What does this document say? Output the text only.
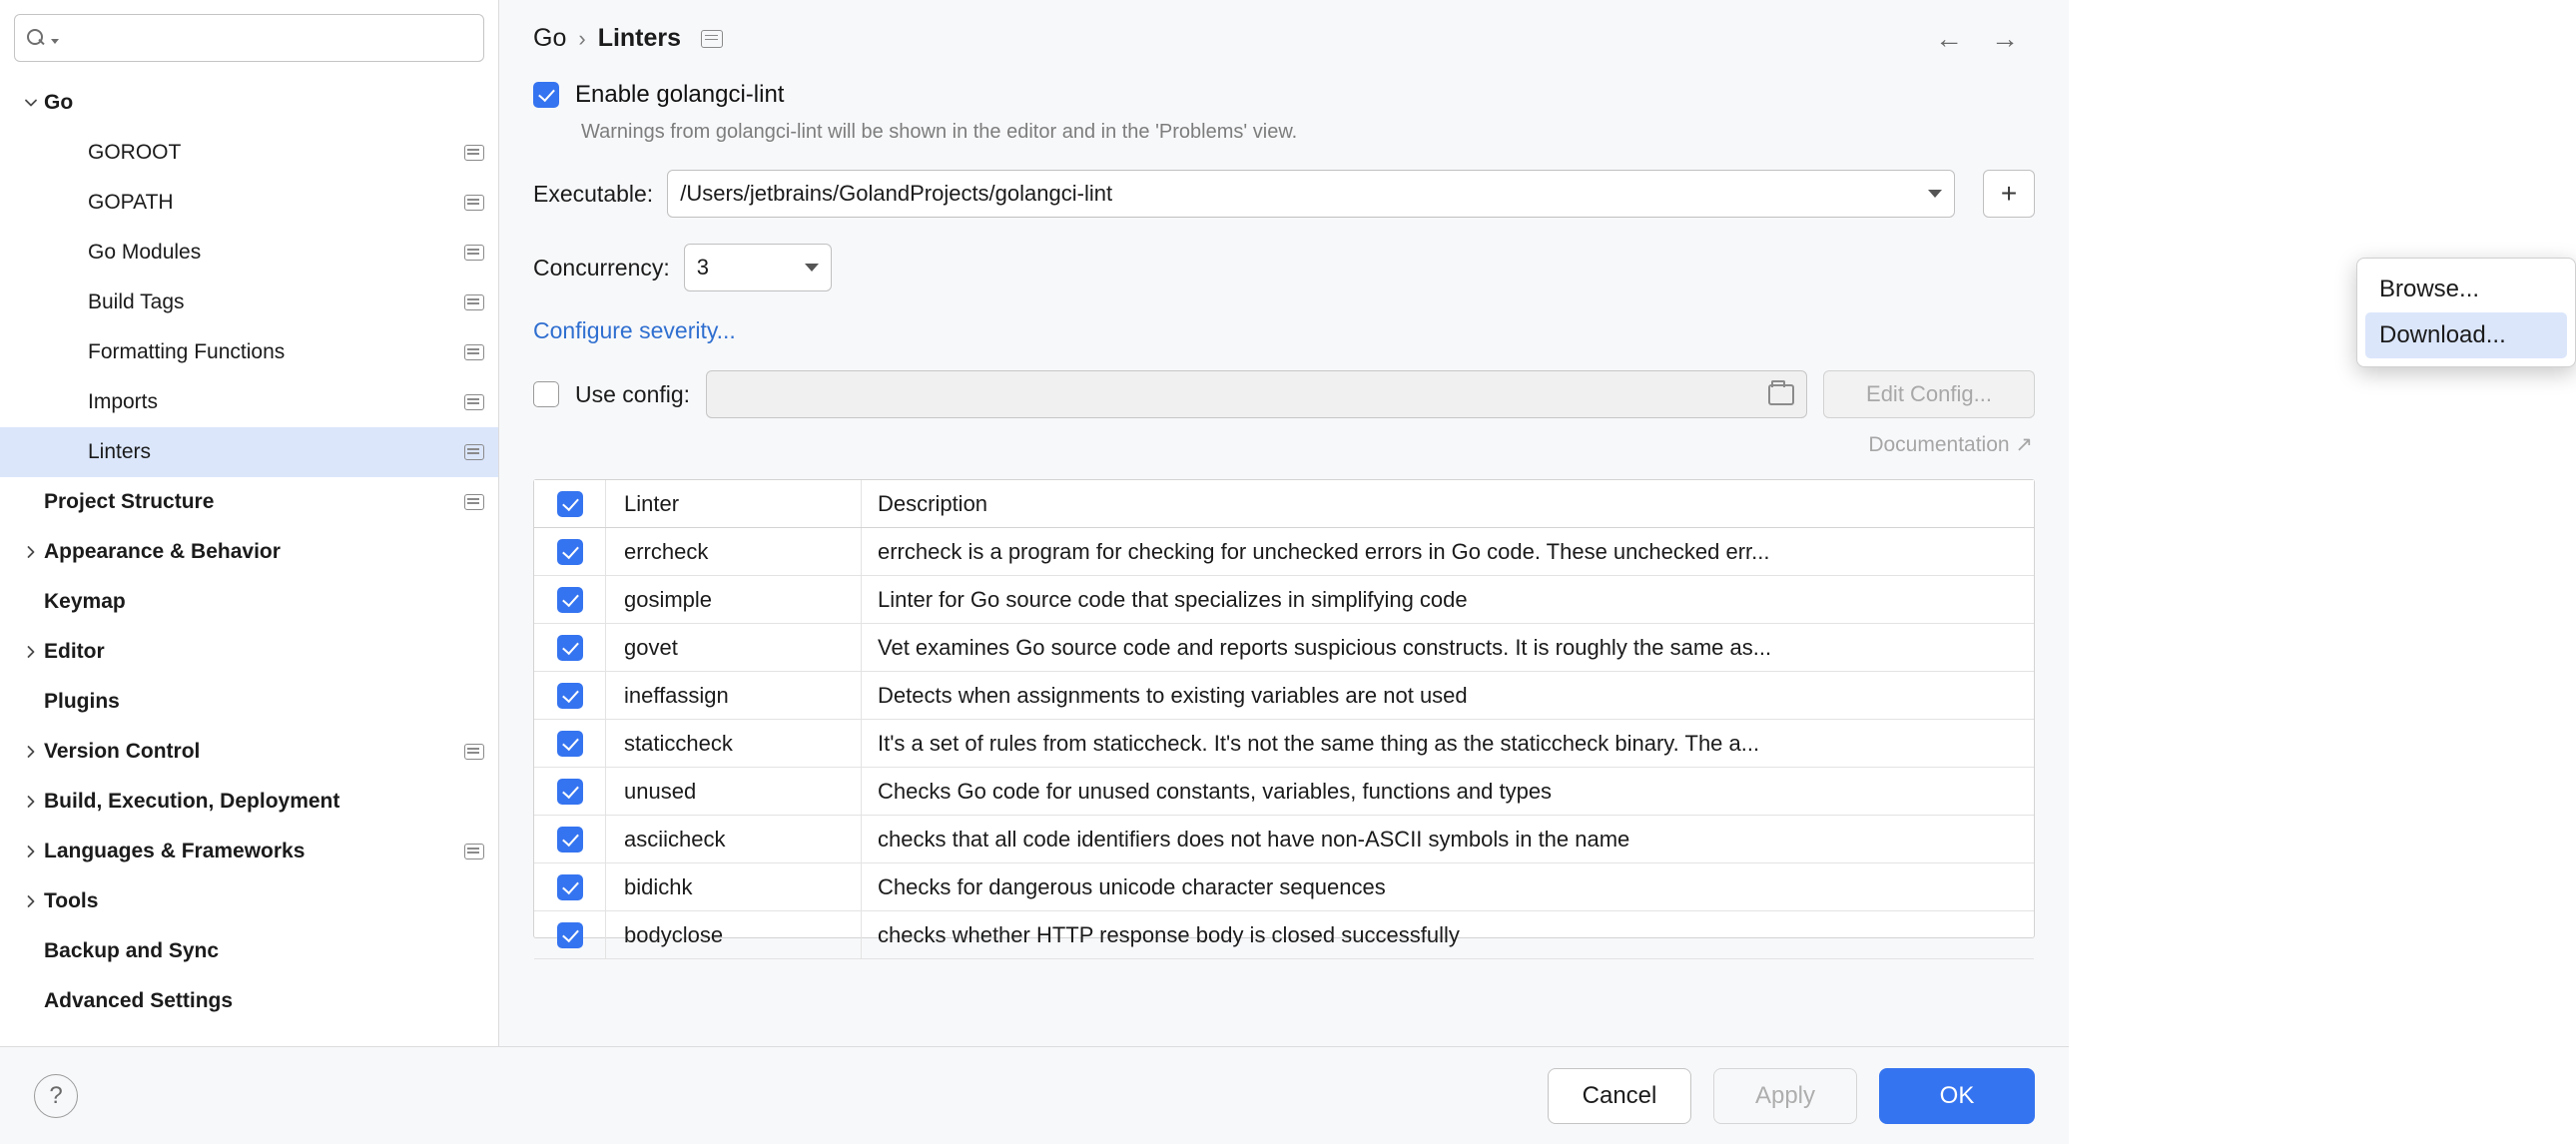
Go
GOROOT
GOPATH
Go Modules
Build Tags
Formatting Functions
Imports
Linters
Project Structure
Appearance & Behavior
Keymap
Editor
Plugins
Version Control
Build, Execution, Deployment
Languages & Frameworks
Tools
Backup and Sync
Advanced Settings
Go › Linters	← →
Enable golangci-lint
Warnings from golangci-lint will be shown in the editor and in the 'Problems' view.
Executable: /Users/jetbrains/GolandProjects/golangci-lint	+
Concurrency: 3
Configure severity...
Use config:	Edit Config...
Documentation ↗
Linter	Description
errcheck	errcheck is a program for checking for unchecked errors in Go code. These unchecked err...
gosimple	Linter for Go source code that specializes in simplifying code
govet	Vet examines Go source code and reports suspicious constructs. It is roughly the same as...
ineffassign	Detects when assignments to existing variables are not used
staticcheck	It's a set of rules from staticcheck. It's not the same thing as the staticcheck binary. The a...
unused	Checks Go code for unused constants, variables, functions and types
asciicheck	checks that all code identifiers does not have non-ASCII symbols in the name
bidichk	Checks for dangerous unicode character sequences
bodyclose	checks whether HTTP response body is closed successfully
Browse...
Download...
?	Cancel	Apply	OK
